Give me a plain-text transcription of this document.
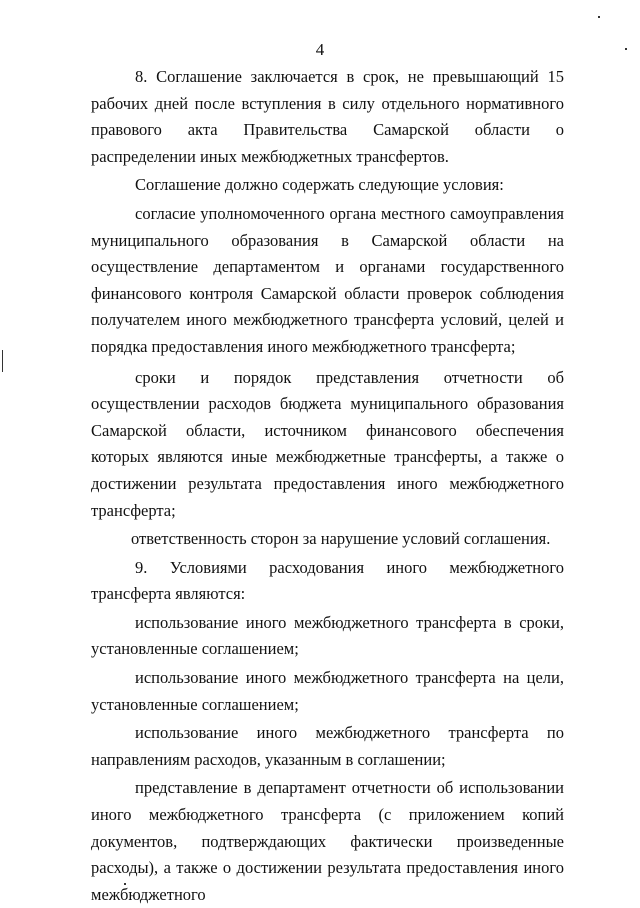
4

8. Соглашение заключается в срок, не превышающий 15 рабочих дней после вступления в силу отдельного нормативного правового акта Правительства Самарской области о распределении иных межбюджетных трансфертов.

Соглашение должно содержать следующие условия:

согласие уполномоченного органа местного самоуправления муниципального образования в Самарской области на осуществление департаментом и органами государственного финансового контроля Самарской области проверок соблюдения получателем иного межбюджетного трансферта условий, целей и порядка предоставления иного межбюджетного трансферта;

сроки и порядок представления отчетности об осуществлении расходов бюджета муниципального образования Самарской области, источником финансового обеспечения которых являются иные межбюджетные трансферты, а также о достижении результата предоставления иного межбюджетного трансферта;

ответственность сторон за нарушение условий соглашения.

9. Условиями расходования иного межбюджетного трансферта являются:

использование иного межбюджетного трансферта в сроки, установленные соглашением;

использование иного межбюджетного трансферта на цели, установленные соглашением;

использование иного межбюджетного трансферта по направлениям расходов, указанным в соглашении;

представление в департамент отчетности об использовании иного межбюджетного трансферта (с приложением копий документов, подтверждающих фактически произведенные расходы), а также о достижении результата предоставления иного межбюджетного
